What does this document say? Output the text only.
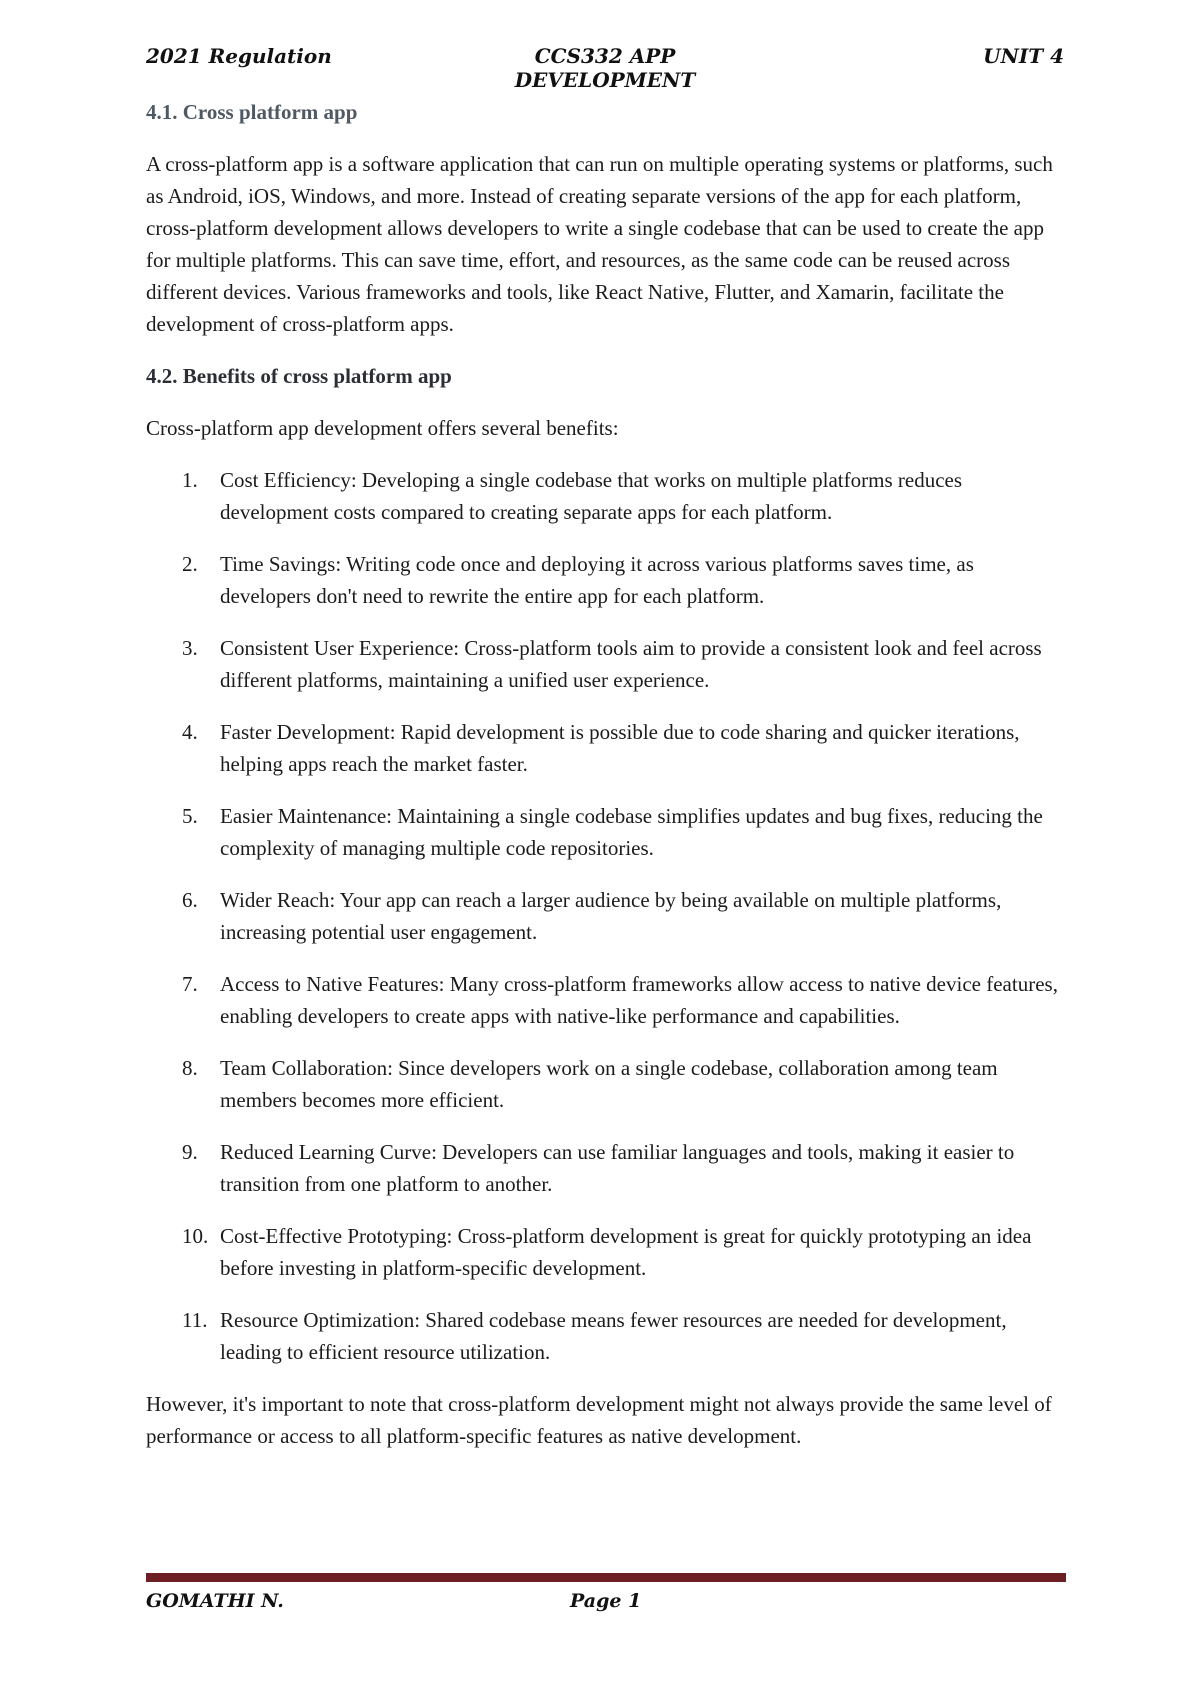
2021 Regulation	CCS332 APP DEVELOPMENT
UNIT 4
4.1. Cross platform app

A cross-platform app is a software application that can run on multiple operating systems or platforms, such as Android, iOS, Windows, and more. Instead of creating separate versions of the app for each platform, cross-platform development allows developers to write a single codebase that can be used to create the app for multiple platforms. This can save time, effort, and resources, as the same code can be reused across different devices. Various frameworks and tools, like React Native, Flutter, and Xamarin, facilitate the development of cross-platform apps.

4.2. Benefits of cross platform app

Cross-platform app development offers several benefits:

1.	Cost Efficiency: Developing a single codebase that works on multiple platforms reduces development costs compared to creating separate apps for each platform.
2.	Time Savings: Writing code once and deploying it across various platforms saves time, as developers don't need to rewrite the entire app for each platform.
3.	Consistent User Experience: Cross-platform tools aim to provide a consistent look and feel across different platforms, maintaining a unified user experience.
4.	Faster Development: Rapid development is possible due to code sharing and quicker iterations, helping apps reach the market faster.
5.	Easier Maintenance: Maintaining a single codebase simplifies updates and bug fixes, reducing the complexity of managing multiple code repositories.
6.	Wider Reach: Your app can reach a larger audience by being available on multiple platforms, increasing potential user engagement.
7.	Access to Native Features: Many cross-platform frameworks allow access to native device features, enabling developers to create apps with native-like performance and capabilities.
8.	Team Collaboration: Since developers work on a single codebase, collaboration among team members becomes more efficient.
9.	Reduced Learning Curve: Developers can use familiar languages and tools, making it easier to transition from one platform to another.
10. Cost-Effective Prototyping: Cross-platform development is great for quickly prototyping an idea before investing in platform-specific development.
11. Resource Optimization: Shared codebase means fewer resources are needed for development, leading to efficient resource utilization.

However, it's important to note that cross-platform development might not always provide the same level of performance or access to all platform-specific features as native development.

GOMATHI N.	Page 1
